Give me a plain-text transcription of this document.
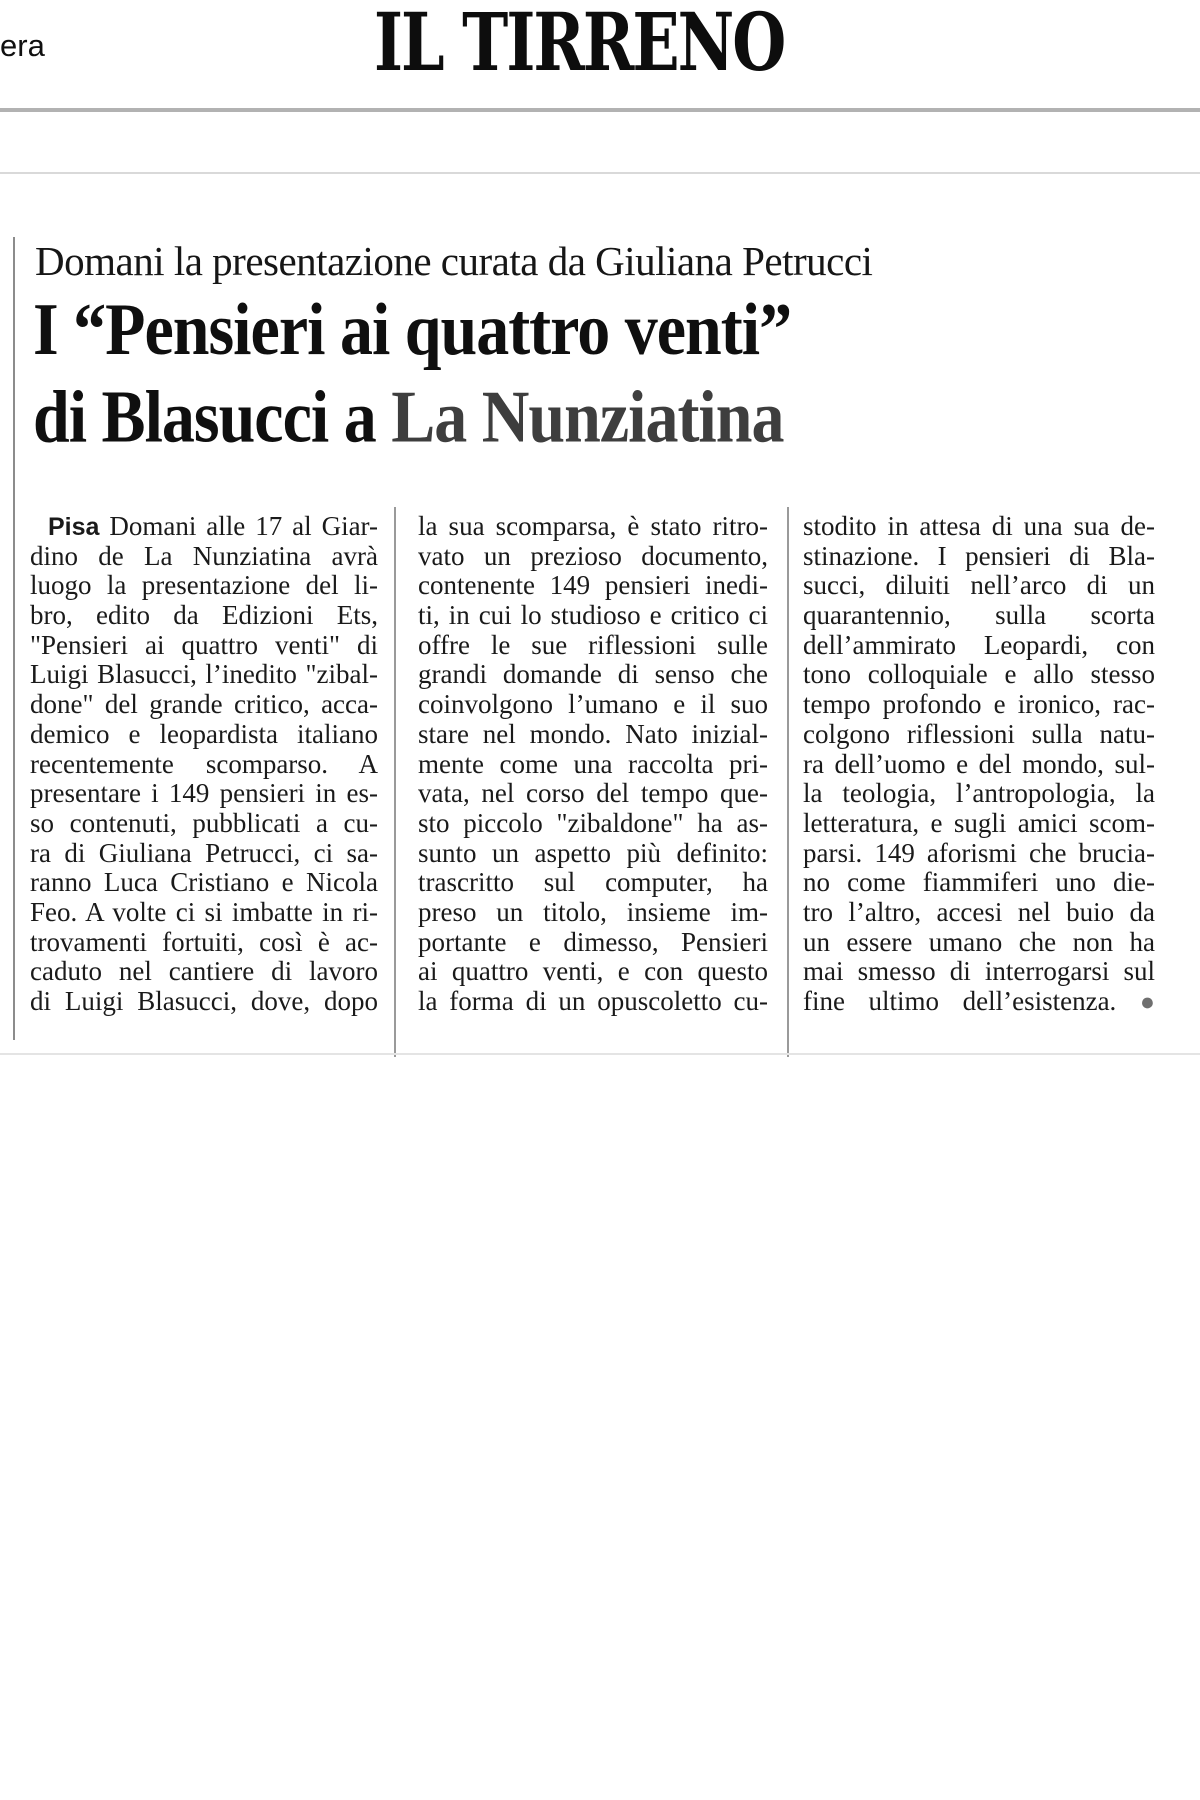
era	IL TIRRENO
Domani la presentazione curata da Giuliana Petrucci
I “Pensieri ai quattro venti”
di Blasucci a La Nunziatina
Pisa Domani alle 17 al Giar-
dino de La Nunziatina avrà
luogo la presentazione del li-
bro, edito da Edizioni Ets,
"Pensieri ai quattro venti" di
Luigi Blasucci, l’inedito "zibal-
done" del grande critico, acca-
demico e leopardista italiano
recentemente scomparso. A
presentare i 149 pensieri in es-
so contenuti, pubblicati a cu-
ra di Giuliana Petrucci, ci sa-
ranno Luca Cristiano e Nicola
Feo. A volte ci si imbatte in ri-
trovamenti fortuiti, così è ac-
caduto nel cantiere di lavoro
di Luigi Blasucci, dove, dopo
la sua scomparsa, è stato ritro-
vato un prezioso documento,
contenente 149 pensieri inedi-
ti, in cui lo studioso e critico ci
offre le sue riflessioni sulle
grandi domande di senso che
coinvolgono l’umano e il suo
stare nel mondo. Nato inizial-
mente come una raccolta pri-
vata, nel corso del tempo que-
sto piccolo "zibaldone" ha as-
sunto un aspetto più definito:
trascritto sul computer, ha
preso un titolo, insieme im-
portante e dimesso, Pensieri
ai quattro venti, e con questo
la forma di un opuscoletto cu-
stodito in attesa di una sua de-
stinazione. I pensieri di Bla-
succi, diluiti nell’arco di un
quarantennio, sulla scorta
dell’ammirato Leopardi, con
tono colloquiale e allo stesso
tempo profondo e ironico, rac-
colgono riflessioni sulla natu-
ra dell’uomo e del mondo, sul-
la teologia, l’antropologia, la
letteratura, e sugli amici scom-
parsi. 149 aforismi che brucia-
no come fiammiferi uno die-
tro l’altro, accesi nel buio da
un essere umano che non ha
mai smesso di interrogarsi sul
fine ultimo dell’esistenza. ●
